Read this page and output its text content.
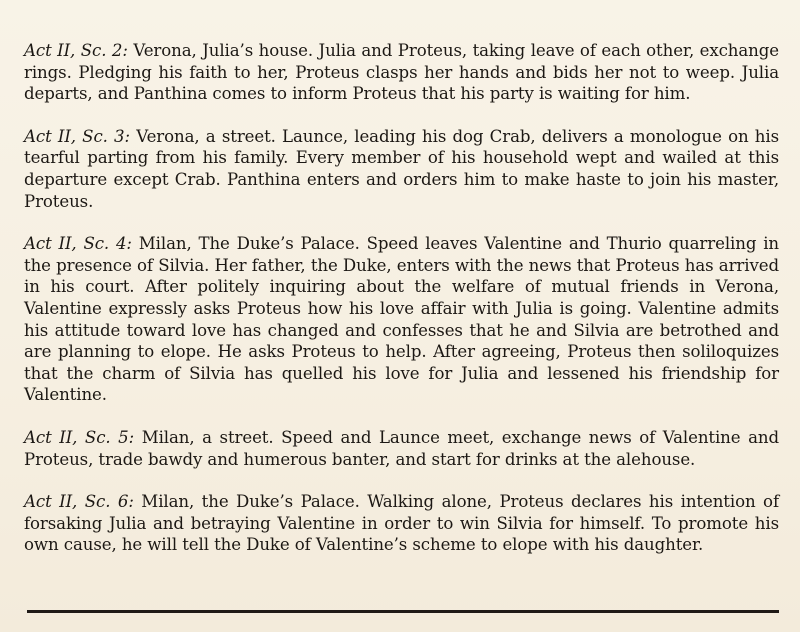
Act II, Sc. 2: Verona, Julia’s house. Julia and Proteus, taking leave of each other, exchange rings. Pledging his faith to her, Proteus clasps her hands and bids her not to weep. Julia departs, and Panthina comes to inform Proteus that his party is waiting for him.

Act II, Sc. 3: Verona, a street. Launce, leading his dog Crab, delivers a monologue on his tearful parting from his family. Every member of his household wept and wailed at this departure except Crab. Panthina enters and orders him to make haste to join his master, Proteus.

Act II, Sc. 4: Milan, The Duke’s Palace. Speed leaves Valentine and Thurio quarreling in the presence of Silvia. Her father, the Duke, enters with the news that Proteus has arrived in his court. After politely inquiring about the welfare of mutual friends in Verona, Valentine expressly asks Proteus how his love affair with Julia is going. Valentine admits his attitude toward love has changed and confesses that he and Silvia are betrothed and are planning to elope. He asks Proteus to help. After agreeing, Proteus then soliloquizes that the charm of Silvia has quelled his love for Julia and lessened his friendship for Valentine.

Act II, Sc. 5: Milan, a street. Speed and Launce meet, exchange news of Valentine and Proteus, trade bawdy and humerous banter, and start for drinks at the alehouse.

Act II, Sc. 6: Milan, the Duke’s Palace. Walking alone, Proteus declares his intention of forsaking Julia and betraying Valentine in order to win Silvia for himself. To promote his own cause, he will tell the Duke of Valentine’s scheme to elope with his daughter.
